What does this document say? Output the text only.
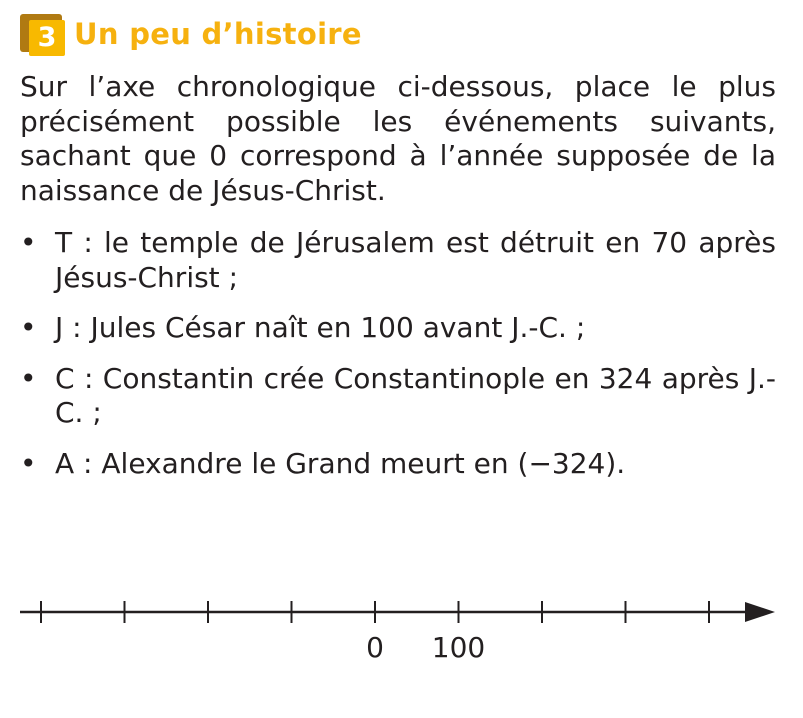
3 Un peu d’histoire

Sur l’axe chronologique ci-dessous, place le plus précisément possible les événements suivants, sachant que 0 correspond à l’année supposée de la naissance de Jésus-Christ.

• T : le temple de Jérusalem est détruit en 70 après Jésus-Christ ;
• J : Jules César naît en 100 avant J.-C. ;
• C : Constantin crée Constantinople en 324 après J.-C. ;
• A : Alexandre le Grand meurt en (−324).
0 100
